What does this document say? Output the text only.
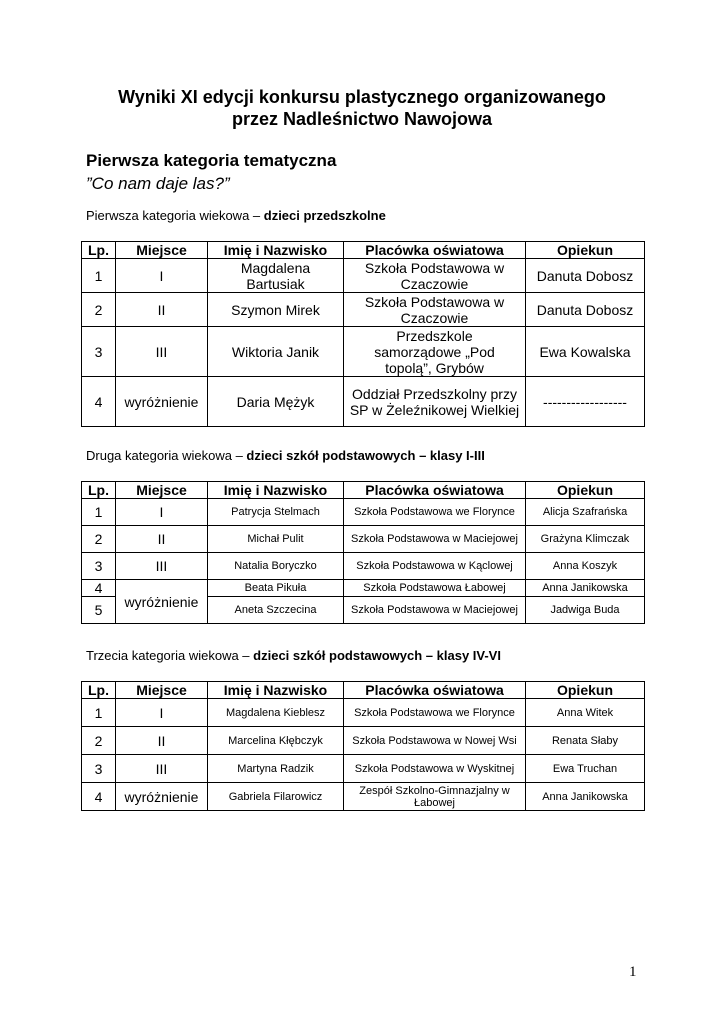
Wyniki XI edycji konkursu plastycznego organizowanego
przez Nadleśnictwo Nawojowa
Pierwsza kategoria tematyczna
”Co nam daje las?”
Pierwsza kategoria wiekowa – dzieci przedszkolne
Lp.	Miejsce	Imię i Nazwisko	Placówka oświatowa	Opiekun
1	I	Magdalena Bartusiak	Szkoła Podstawowa w Czaczowie	Danuta Dobosz
2	II	Szymon Mirek	Szkoła Podstawowa w Czaczowie	Danuta Dobosz
3	III	Wiktoria Janik	Przedszkole samorządowe „Pod topolą”, Grybów	Ewa Kowalska
4	wyróżnienie	Daria Mężyk	Oddział Przedszkolny przy SP w Żeleźnikowej Wielkiej	------------------
Druga kategoria wiekowa – dzieci szkół podstawowych – klasy I-III
Lp.	Miejsce	Imię i Nazwisko	Placówka oświatowa	Opiekun
1	I	Patrycja Stelmach	Szkoła Podstawowa we Florynce	Alicja Szafrańska
2	II	Michał Pulit	Szkoła Podstawowa w Maciejowej	Grażyna Klimczak
3	III	Natalia Boryczko	Szkoła Podstawowa w Kąclowej	Anna Koszyk
4	wyróżnienie	Beata Pikuła	Szkoła Podstawowa Łabowej	Anna Janikowska
5		Aneta Szczecina	Szkoła Podstawowa w Maciejowej	Jadwiga Buda
Trzecia kategoria wiekowa – dzieci szkół podstawowych – klasy IV-VI
Lp.	Miejsce	Imię i Nazwisko	Placówka oświatowa	Opiekun
1	I	Magdalena Kieblesz	Szkoła Podstawowa we Florynce	Anna Witek
2	II	Marcelina Kłębczyk	Szkoła Podstawowa w Nowej Wsi	Renata Słaby
3	III	Martyna Radzik	Szkoła Podstawowa w Wyskitnej	Ewa Truchan
4	wyróżnienie	Gabriela Filarowicz	Zespół Szkolno-Gimnazjalny w Łabowej	Anna Janikowska
1
